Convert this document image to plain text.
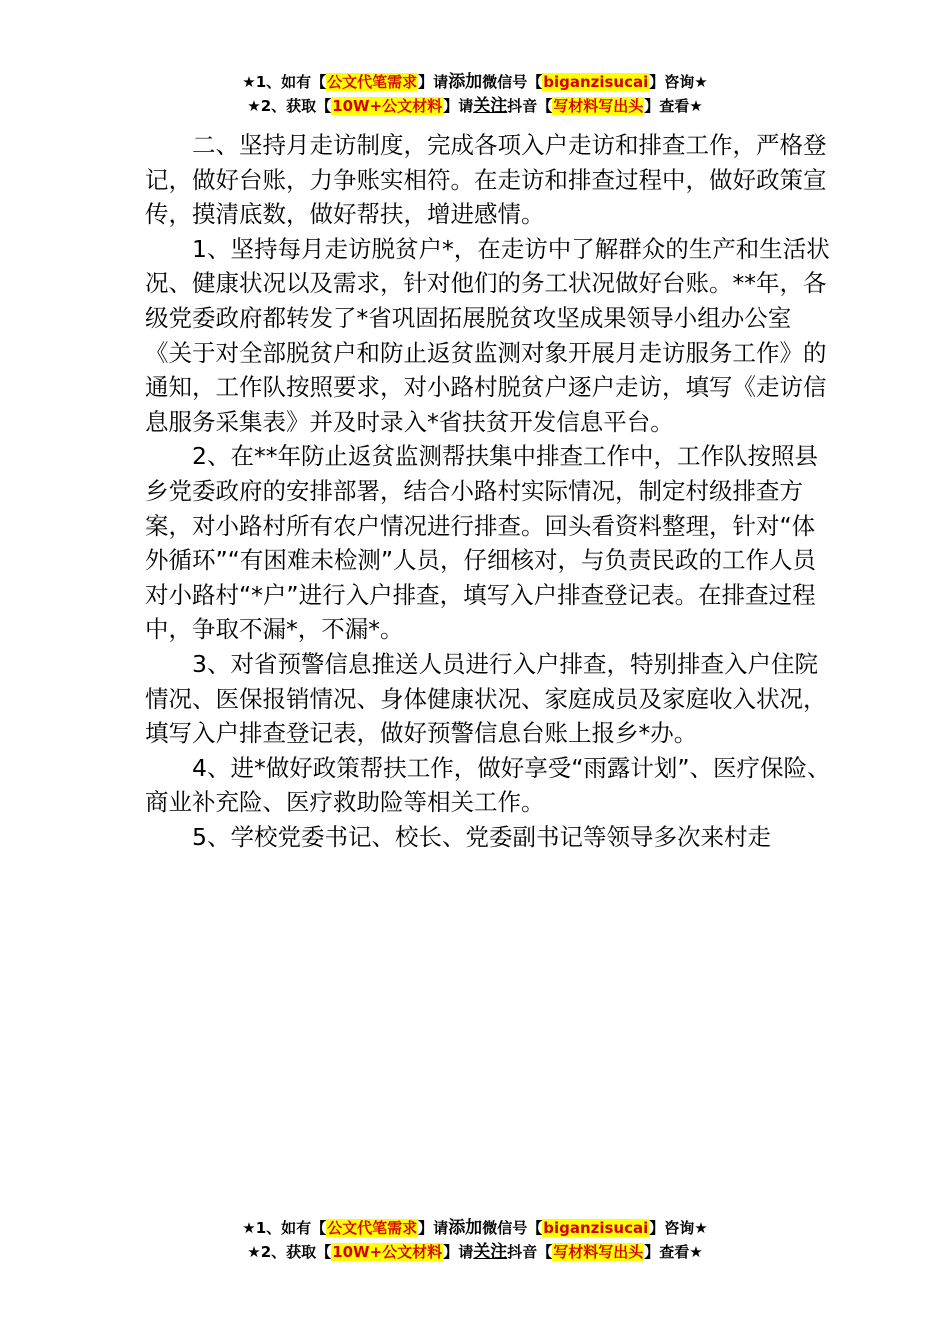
★1、如有【公文代笔需求】请添加微信号【biganzisucai】咨询★
★2、获取【10W+公文材料】请关注抖音【写材料写出头】查看★

二、坚持月走访制度，完成各项入户走访和排查工作，严格登记，做好台账，力争账实相符。在走访和排查过程中，做好政策宣传，摸清底数，做好帮扶，增进感情。

1、坚持每月走访脱贫户*，在走访中了解群众的生产和生活状况、健康状况以及需求，针对他们的务工状况做好台账。**年，各级党委政府都转发了*省巩固拓展脱贫攻坚成果领导小组办公室《关于对全部脱贫户和防止返贫监测对象开展月走访服务工作》的通知，工作队按照要求，对小路村脱贫户逐户走访，填写《走访信息服务采集表》并及时录入*省扶贫开发信息平台。

2、在**年防止返贫监测帮扶集中排查工作中，工作队按照县乡党委政府的安排部署，结合小路村实际情况，制定村级排查方案，对小路村所有农户情况进行排查。回头看资料整理，针对“体外循环”“有困难未检测”人员，仔细核对，与负责民政的工作人员对小路村“*户”进行入户排查，填写入户排查登记表。在排查过程中，争取不漏*，不漏*。

3、对省预警信息推送人员进行入户排查，特别排查入户住院情况、医保报销情况、身体健康状况、家庭成员及家庭收入状况，填写入户排查登记表，做好预警信息台账上报乡*办。

4、进*做好政策帮扶工作，做好享受“雨露计划”、医疗保险、商业补充险、医疗救助险等相关工作。

5、学校党委书记、校长、党委副书记等领导多次来村走

★1、如有【公文代笔需求】请添加微信号【biganzisucai】咨询★
★2、获取【10W+公文材料】请关注抖音【写材料写出头】查看★
